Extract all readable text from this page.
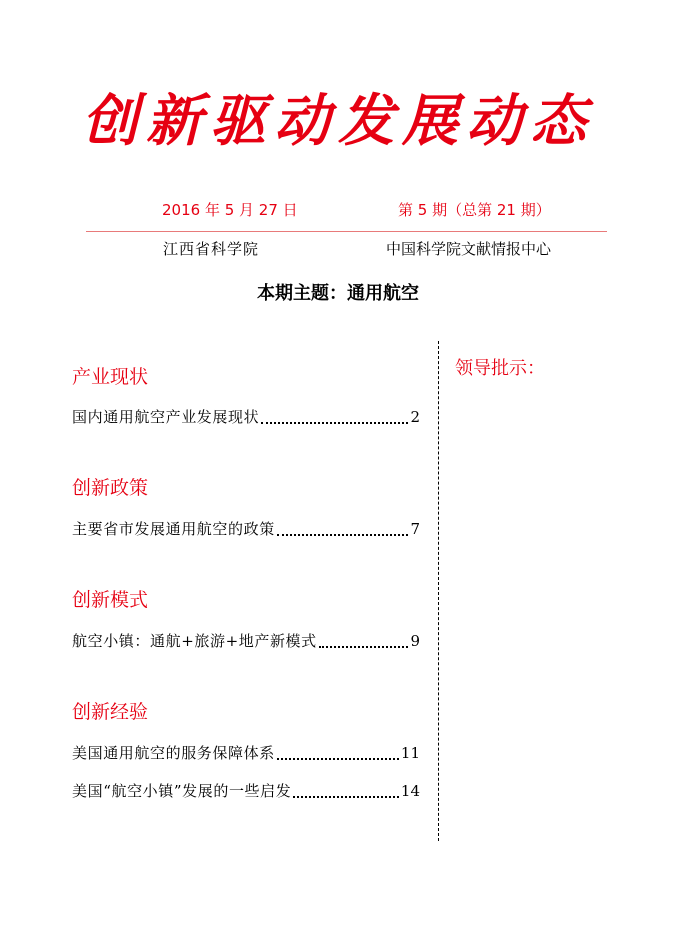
创新驱动发展动态
2016 年 5 月 27 日	第 5 期（总第 21 期）
江西省科学院	中国科学院文献情报中心
本期主题：通用航空
领导批示：
产业现状
国内通用航空产业发展现状	2
创新政策
主要省市发展通用航空的政策	7
创新模式
航空小镇：通航+旅游+地产新模式	9
创新经验
美国通用航空的服务保障体系	11
美国“航空小镇”发展的一些启发	14
